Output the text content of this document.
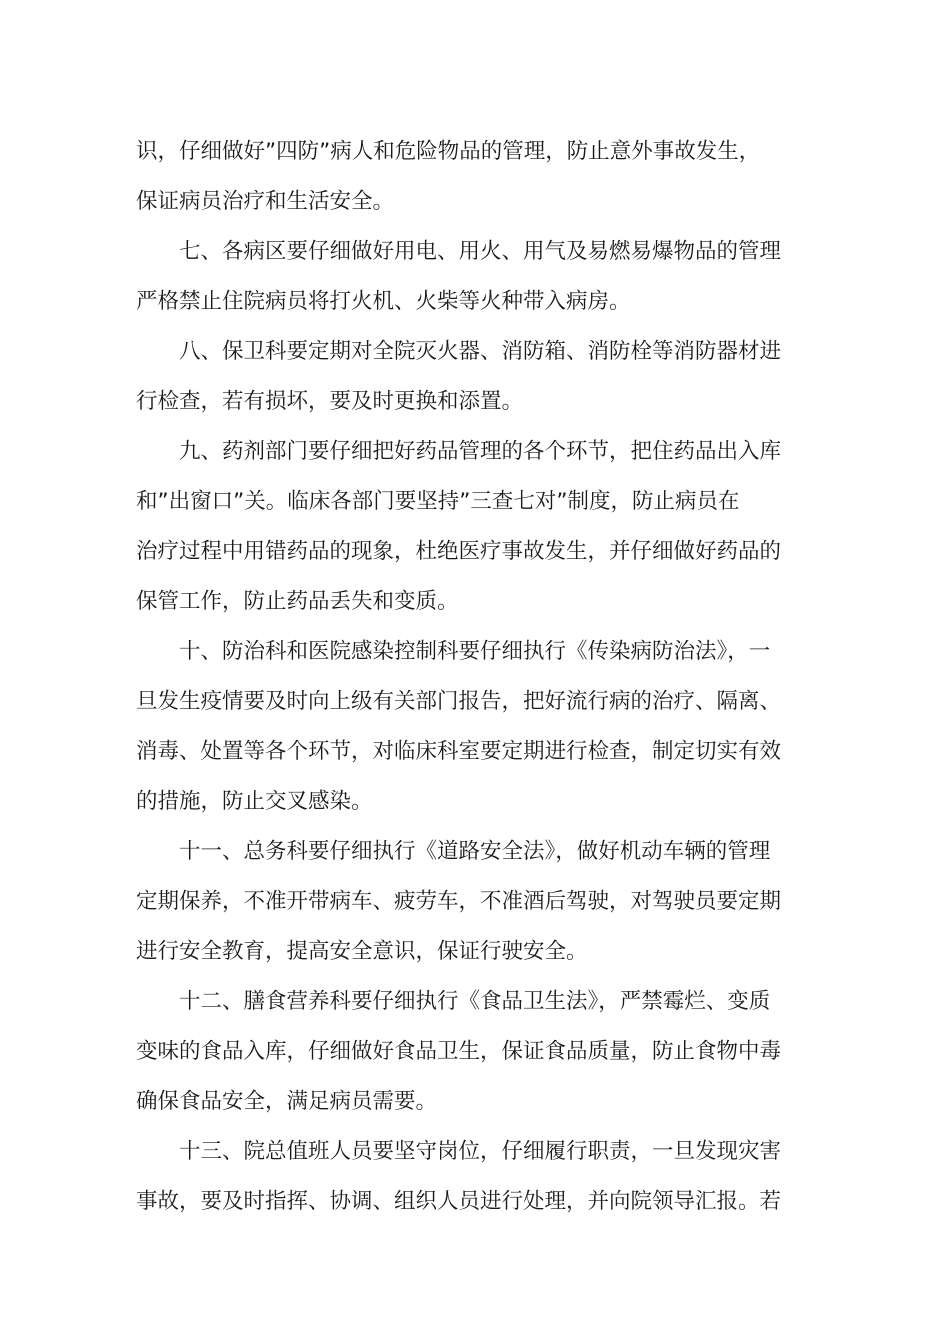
识，仔细做好”四防”病人和危险物品的管理，防止意外事故发生，
保证病员治疗和生活安全。

七、各病区要仔细做好用电、用火、用气及易燃易爆物品的管理
严格禁止住院病员将打火机、火柴等火种带入病房。

八、保卫科要定期对全院灭火器、消防箱、消防栓等消防器材进
行检查，若有损坏，要及时更换和添置。

九、药剂部门要仔细把好药品管理的各个环节，把住药品出入库
和”出窗口”关。临床各部门要坚持”三查七对”制度，防止病员在
治疗过程中用错药品的现象，杜绝医疗事故发生，并仔细做好药品的
保管工作，防止药品丢失和变质。

十、防治科和医院感染控制科要仔细执行《传染病防治法》，一
旦发生疫情要及时向上级有关部门报告，把好流行病的治疗、隔离、
消毒、处置等各个环节，对临床科室要定期进行检查，制定切实有效
的措施，防止交叉感染。

十一、总务科要仔细执行《道路安全法》，做好机动车辆的管理
定期保养，不准开带病车、疲劳车，不准酒后驾驶，对驾驶员要定期
进行安全教育，提高安全意识，保证行驶安全。

十二、膳食营养科要仔细执行《食品卫生法》，严禁霉烂、变质
变味的食品入库，仔细做好食品卫生，保证食品质量，防止食物中毒
确保食品安全，满足病员需要。

十三、院总值班人员要坚守岗位，仔细履行职责，一旦发现灾害
事故，要及时指挥、协调、组织人员进行处理，并向院领导汇报。若
